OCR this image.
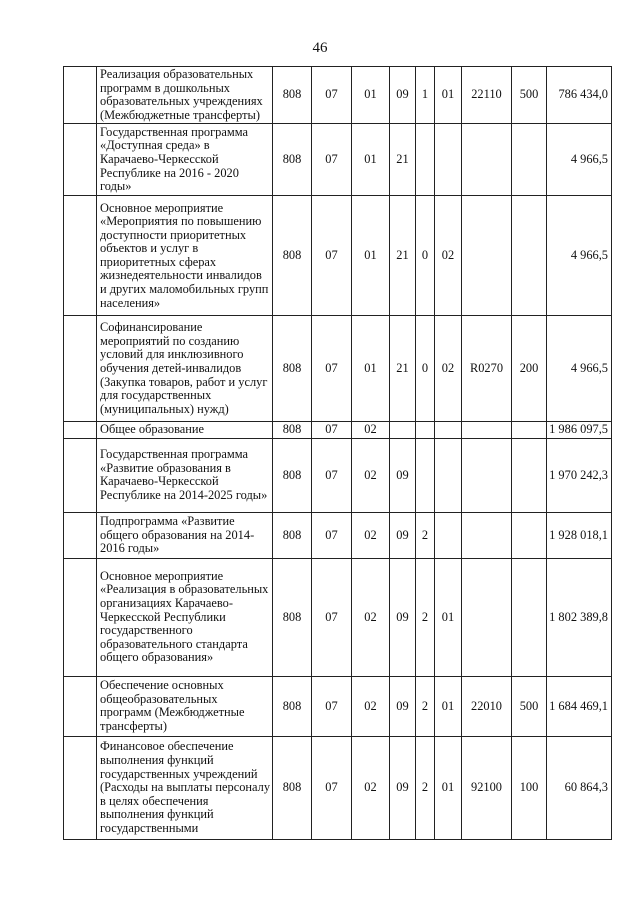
46
	Реализация образовательных программ в дошкольных образовательных учреждениях (Межбюджетные трансферты)	808	07	01	09	1	01	22110	500	786 434,0
	Государственная программа «Доступная среда» в Карачаево-Черкесской Республике на 2016 - 2020 годы»	808	07	01	21					4 966,5
	Основное мероприятие «Мероприятия по повышению доступности приоритетных объектов и услуг в приоритетных сферах жизнедеятельности инвалидов и других маломобильных групп населения»	808	07	01	21	0	02			4 966,5
	Софинансирование мероприятий по созданию условий для инклюзивного обучения детей-инвалидов (Закупка товаров, работ и услуг для государственных (муниципальных) нужд)	808	07	01	21	0	02	R0270	200	4 966,5
	Общее образование	808	07	02						1 986 097,5
	Государственная программа «Развитие образования в Карачаево-Черкесской Республике на 2014-2025 годы»	808	07	02	09					1 970 242,3
	Подпрограмма «Развитие общего образования на 2014-2016 годы»	808	07	02	09	2				1 928 018,1
	Основное мероприятие «Реализация в образовательных организациях Карачаево-Черкесской Республики государственного образовательного стандарта общего образования»	808	07	02	09	2	01			1 802 389,8
	Обеспечение основных общеобразовательных программ (Межбюджетные трансферты)	808	07	02	09	2	01	22010	500	1 684 469,1
	Финансовое обеспечение выполнения функций государственных учреждений (Расходы на выплаты персоналу в целях обеспечения выполнения функций государственными	808	07	02	09	2	01	92100	100	60 864,3
